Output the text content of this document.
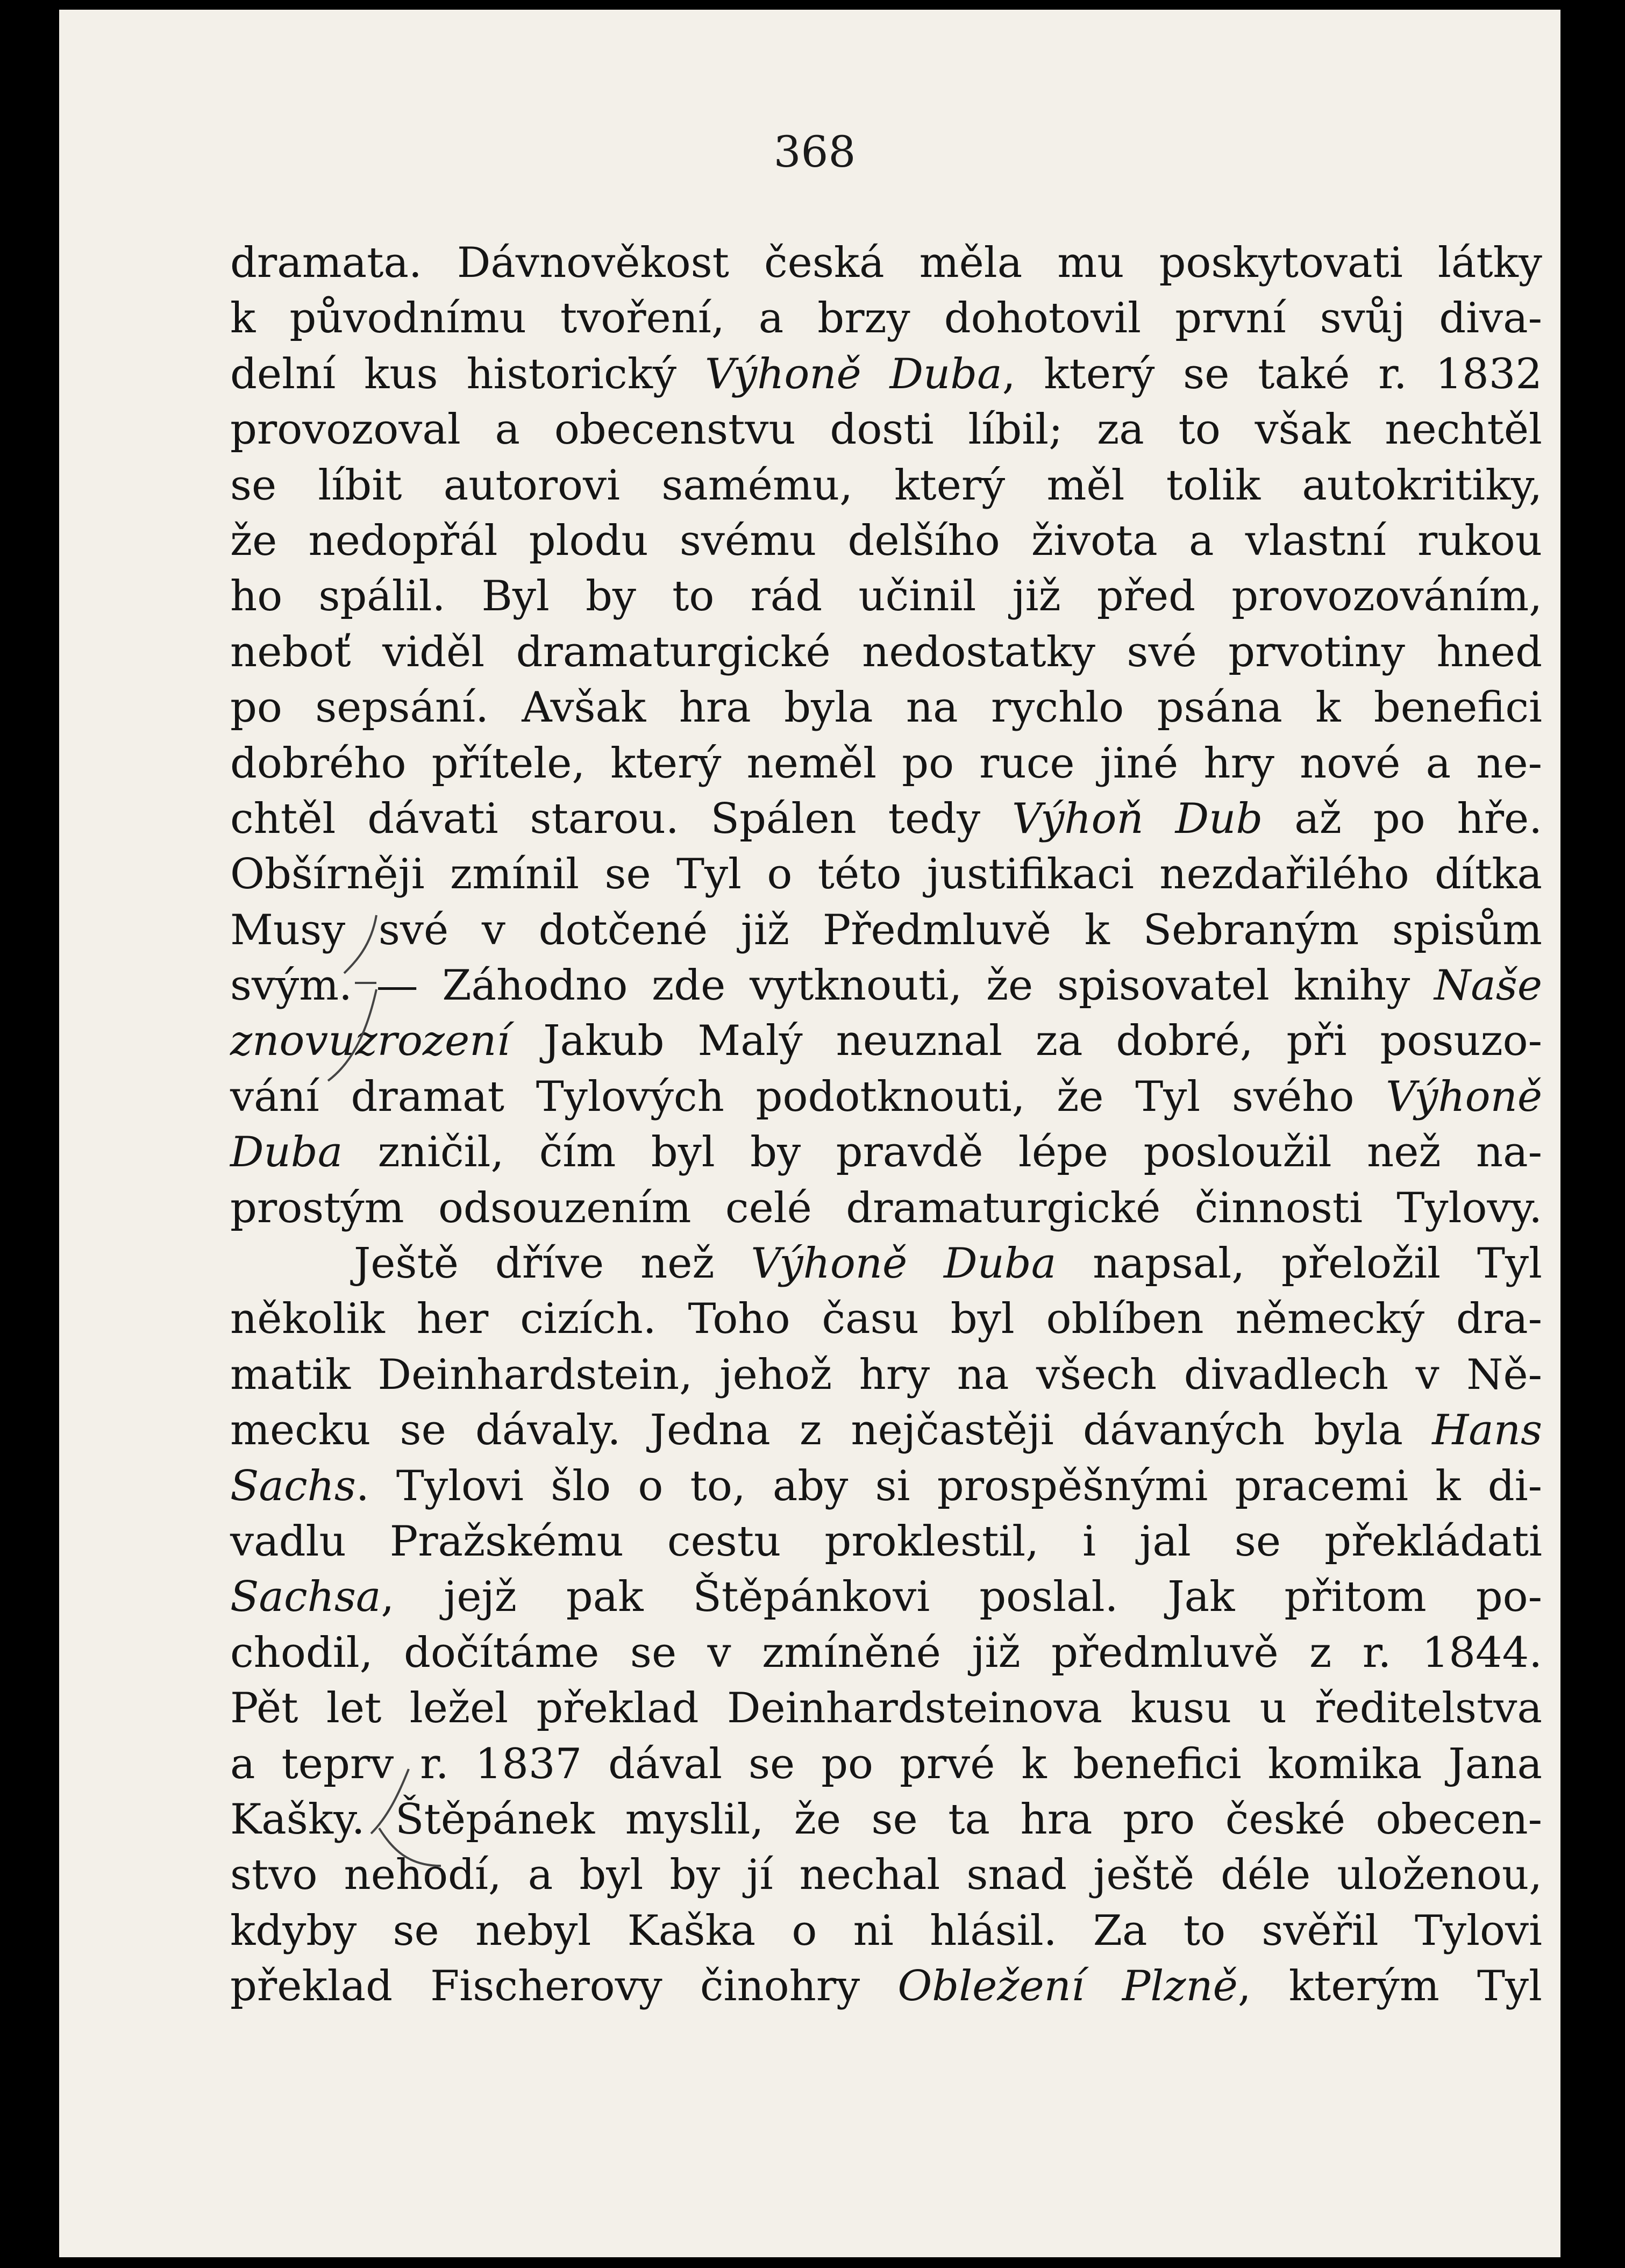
368

dramata. Dávnověkost česká měla mu poskytovati látky
k původnímu tvoření, a brzy dohotovil první svůj diva-
delní kus historický Výhoně Duba, který se také r. 1832
provozoval a obecenstvu dosti líbil; za to však nechtěl
se líbit autorovi samému, který měl tolik autokritiky,
že nedopřál plodu svému delšího života a vlastní rukou
ho spálil. Byl by to rád učinil již před provozováním,
neboť viděl dramaturgické nedostatky své prvotiny hned
po sepsání. Avšak hra byla na rychlo psána k benefici
dobrého přítele, který neměl po ruce jiné hry nové a ne-
chtěl dávati starou. Spálen tedy Výhoň Dub až po hře.
Obšírněji zmínil se Tyl o této justifikaci nezdařilého dítka
Musy své v dotčené již Předmluvě k Sebraným spisům
svým. — Záhodno zde vytknouti, že spisovatel knihy Naše
znovuzrození Jakub Malý neuznal za dobré, při posuzo-
vání dramat Tylových podotknouti, že Tyl svého Výhoně
Duba zničil, čím byl by pravdě lépe posloužil než na-
prostým odsouzením celé dramaturgické činnosti Tylovy.
Ještě dříve než Výhoně Duba napsal, přeložil Tyl
několik her cizích. Toho času byl oblíben německý dra-
matik Deinhardstein, jehož hry na všech divadlech v Ně-
mecku se dávaly. Jedna z nejčastěji dávaných byla Hans
Sachs. Tylovi šlo o to, aby si prospěšnými pracemi k di-
vadlu Pražskému cestu proklestil, i jal se překládati
Sachsa, jejž pak Štěpánkovi poslal. Jak přitom po-
chodil, dočítáme se v zmíněné již předmluvě z r. 1844.
Pět let ležel překlad Deinhardsteinova kusu u ředitelstva
a teprv r. 1837 dával se po prvé k benefici komika Jana
Kašky. Štěpánek myslil, že se ta hra pro české obecen-
stvo nehodí, a byl by jí nechal snad ještě déle uloženou,
kdyby se nebyl Kaška o ni hlásil. Za to svěřil Tylovi
překlad Fischerovy činohry Obležení Plzně, kterým Tyl
